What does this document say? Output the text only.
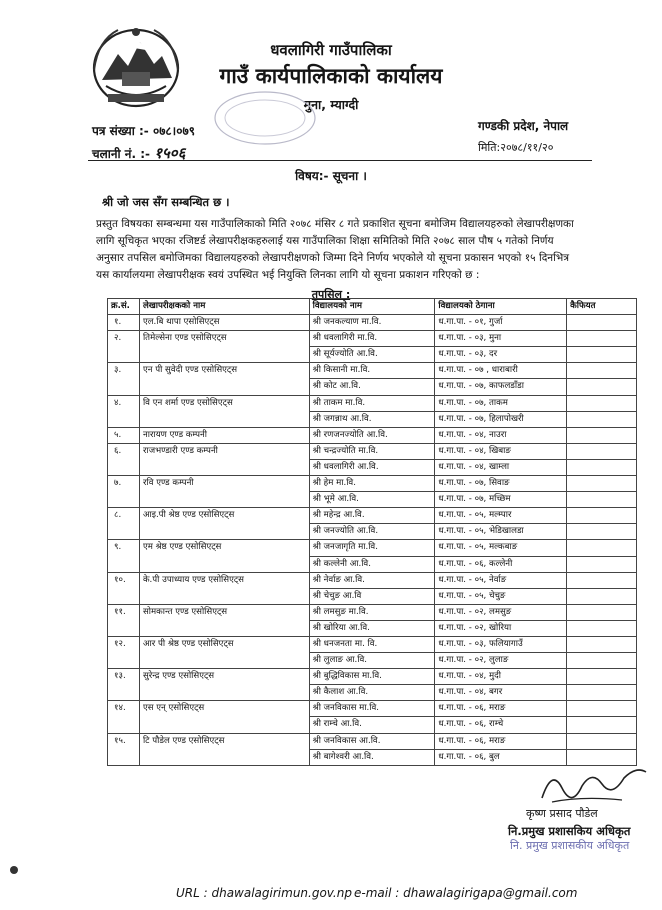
धवलागिरी गाउँपालिका
गाउँ कार्यपालिकाको कार्यालय
मुना, म्याग्दी
पत्र संख्या :- ०७८।०७९
चलानी नं. :- १५०६
गण्डकी प्रदेश, नेपाल
मिति:२०७८/११/२०
विषय:- सूचना ।
श्री जो जस सँग सम्बन्धित छ ।
प्रस्तुत विषयका सम्बन्धमा यस गाउँपालिकाको मिति २०७८ मंसिर ८ गते प्रकाशित सूचना बमोजिम विद्यालयहरुको लेखापरीक्षणका
लागि सूचिकृत भएका रजिष्टर्ड लेखापरीक्षकहरुलाई यस गाउँपालिका शिक्षा समितिको मिति २०७८ साल पौष ५ गतेको निर्णय
अनुसार तपसिल बमोजिमका विद्यालयहरुको लेखापरीक्षणको जिम्मा दिने निर्णय भएकोले यो सूचना प्रकासन भएको १५ दिनभित्र
यस कार्यालयमा लेखापरीक्षक स्वयं उपस्थित भई नियुक्ति लिनका लागि यो सूचना प्रकाशन गरिएको छ :
तपसिल :
क्र.सं.	लेखापरीक्षकको नाम	विद्यालयको नाम	विद्यालयको ठेगाना	कैफियत
१.	एल.बि थापा एसोसिएट्स	श्री जनकल्याण मा.वि.	ध.गा.पा. - ०१, गुर्जा	
२.	तिमेल्सेना एण्ड एसोसिएट्स	श्री धवलागिरी मा.वि.	ध.गा.पा. - ०३, मुना	
		श्री सूर्यज्योति आ.वि.	ध.गा.पा. - ०३, दर	
३.	एन पी सुवेदी एण्ड एसोसिएट्स	श्री किसानी मा.वि.	ध.गा.पा. - ०७ , धाराबारी	
		श्री कोट आ.वि.	ध.गा.पा. - ०७, काफलडाँडा	
४.	वि एन शर्मा एण्ड एसोसिएट्स	श्री ताकम मा.वि.	ध.गा.पा. - ०७, ताकम	
		श्री जगन्नाथ आ.वि.	ध.गा.पा. - ०७, हिलापोखरी	
५.	नारायण एण्ड कम्पनी	श्री रणजनज्योति आ.वि.	ध.गा.पा. - ०४, नाउरा	
६.	राजभण्डारी एण्ड कम्पनी	श्री चन्द्रज्योति मा.वि.	ध.गा.पा. - ०४, खिबाङ	
		श्री धवलागिरी आ.वि.	ध.गा.पा. - ०४, खाम्ला	
७.	रवि एण्ड कम्पनी	श्री हेम मा.वि.	ध.गा.पा. - ०७, सिवाङ	
		श्री भूमे आ.वि.	ध.गा.पा. - ०७, मच्छिम	
८.	आइ.पी श्रेष्ठ एण्ड एसोसिएट्स	श्री महेन्द्र आ.वि.	ध.गा.पा. - ०५, मल्म्पार	
		श्री जनज्योति आ.वि.	ध.गा.पा. - ०५, भेडिखालडा	
९.	एम श्रेष्ठ एण्ड एसोसिएट्स	श्री जनजागृति मा.वि.	ध.गा.पा. - ०५, मल्कबाङ	
		श्री कल्लेनी आ.वि.	ध.गा.पा. - ०६, कल्लेनी	
१०.	के.पी उपाध्याय एण्ड एसोसिएट्स	श्री नेर्वाङ आ.वि.	ध.गा.पा. - ०५, नेर्वाङ	
		श्री चेचुङ आ.वि	ध.गा.पा. - ०५, चेचुङ	
११.	सोमकान्त एण्ड एसोसिएट्स	श्री लमसुङ मा.वि.	ध.गा.पा. - ०२, लमसुङ	
		श्री खोरिया आ.वि.	ध.गा.पा. - ०२, खोरिया	
१२.	आर पी श्रेष्ठ एण्ड एसोसिएट्स	श्री धनजनता मा. वि.	ध.गा.पा. - ०३, फलियागाउँ	
		श्री लुलाङ आ.वि.	ध.गा.पा. - ०२, लुलाङ	
१३.	सुरेन्द्र एण्ड एसोसिएट्स	श्री बुद्धिविकास मा.वि.	ध.गा.पा. - ०४, मुदी	
		श्री कैलाश आ.वि.	ध.गा.पा. - ०४, बगर	
१४.	एस एन् एसोसिएट्स	श्री जनविकास मा.वि.	ध.गा.पा. - ०६, मराङ	
		श्री राम्चे आ.वि.	ध.गा.पा. - ०६, राम्चे	
१५.	टि पौडेल एण्ड एसोसिएट्स	श्री जनविकास आ.वि.	ध.गा.पा. - ०६, मराङ	
		श्री बागेश्वरी आ.वि.	ध.गा.पा. - ०६, बुल	
कृष्ण प्रसाद पौडेल
नि.प्रमुख प्रशासकिय अधिकृत
नि. प्रमुख प्रशासकीय अधिकृत
URL : dhawalagirimun.gov.np e-mail : dhawalagirigapa@gmail.com
